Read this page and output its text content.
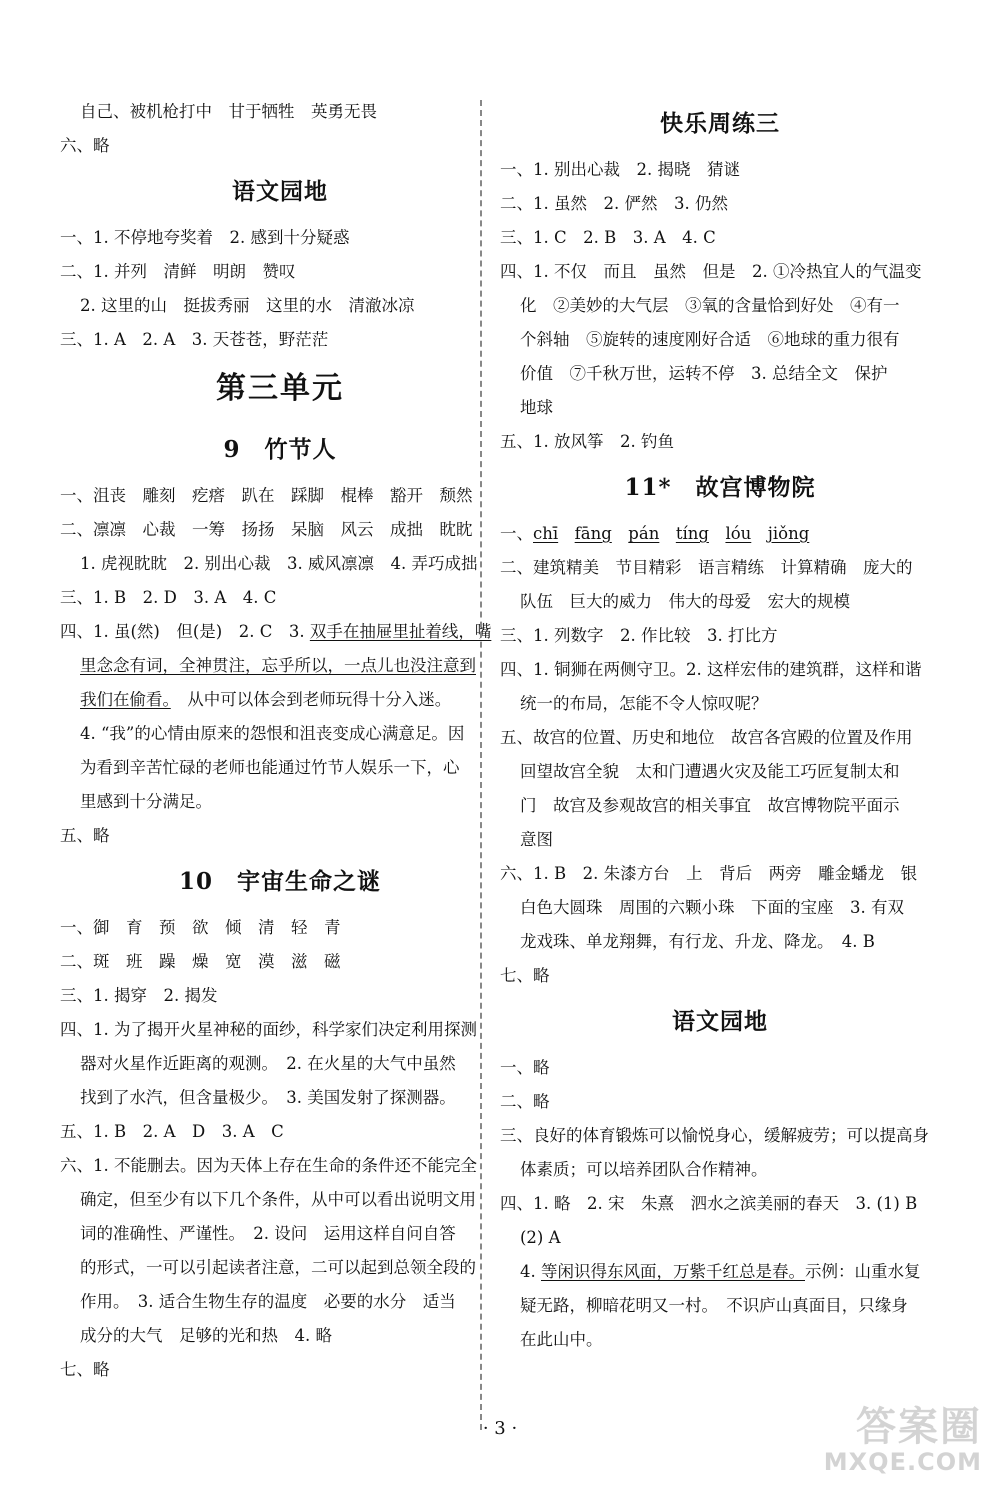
自己、被机枪打中　甘于牺牲　英勇无畏
六、略
语文园地
一、1. 不停地夸奖着　2. 感到十分疑惑
二、1. 并列　清鲜　明朗　赞叹
2. 这里的山　挺拔秀丽　这里的水　清澈冰凉
三、1. A　2. A　3. 天苍苍，野茫茫
第三单元
9　竹节人
一、沮丧　雕刻　疙瘩　趴在　踩脚　棍棒　豁开　颓然
二、凛凛　心裁　一筹　扬扬　呆脑　风云　成拙　眈眈
1. 虎视眈眈　2. 别出心裁　3. 威风凛凛　4. 弄巧成拙
三、1. B　2. D　3. A　4. C
四、1. 虽(然)　但(是)　2. C　3. 双手在抽屉里扯着线，嘴
里念念有词，全神贯注，忘乎所以，一点儿也没注意到
我们在偷看。　从中可以体会到老师玩得十分入迷。
4. “我”的心情由原来的怨恨和沮丧变成心满意足。因
为看到辛苦忙碌的老师也能通过竹节人娱乐一下，心
里感到十分满足。
五、略
10　宇宙生命之谜
一、御　育　预　欲　倾　清　轻　青
二、斑　班　躁　燥　宽　漠　滋　磁
三、1. 揭穿　2. 揭发
四、1. 为了揭开火星神秘的面纱，科学家们决定利用探测
器对火星作近距离的观测。　2. 在火星的大气中虽然
找到了水汽，但含量极少。　3. 美国发射了探测器。
五、1. B　2. A　D　3. A　C
六、1. 不能删去。因为天体上存在生命的条件还不能完全
确定，但至少有以下几个条件，从中可以看出说明文用
词的准确性、严谨性。　2. 设问　运用这样自问自答
的形式，一可以引起读者注意，二可以起到总领全段的
作用。　3. 适合生物生存的温度　必要的水分　适当
成分的大气　足够的光和热　4. 略
七、略
快乐周练三
一、1. 别出心裁　2. 揭晓　猜谜
二、1. 虽然　2. 俨然　3. 仍然
三、1. C　2. B　3. A　4. C
四、1. 不仅　而且　虽然　但是　2. ①冷热宜人的气温变
化　②美妙的大气层　③氧的含量恰到好处　④有一
个斜轴　⑤旋转的速度刚好合适　⑥地球的重力很有
价值　⑦千秋万世，运转不停　3. 总结全文　保护
地球
五、1. 放风筝　2. 钓鱼
11*　故宫博物院
一、chī　 fāng　 pán　 tíng　 lóu　 jiǒng
二、建筑精美　节目精彩　语言精练　计算精确　庞大的
队伍　巨大的威力　伟大的母爱　宏大的规模
三、1. 列数字　2. 作比较　3. 打比方
四、1. 铜狮在两侧守卫。2. 这样宏伟的建筑群，这样和谐
统一的布局，怎能不令人惊叹呢？
五、故宫的位置、历史和地位　故宫各宫殿的位置及作用
回望故宫全貌　太和门遭遇火灾及能工巧匠复制太和
门　故宫及参观故宫的相关事宜　故宫博物院平面示
意图
六、1. B　2. 朱漆方台　上　背后　两旁　雕金蟠龙　银
白色大圆珠　周围的六颗小珠　下面的宝座　3. 有双
龙戏珠、单龙翔舞，有行龙、升龙、降龙。　4. B
七、略
语文园地
一、略
二、略
三、良好的体育锻炼可以愉悦身心，缓解疲劳；可以提高身
体素质；可以培养团队合作精神。
四、1. 略　2. 宋　朱熹　泗水之滨美丽的春天　3. (1) B
(2) A
4. 等闲识得东风面，万紫千红总是春。示例：山重水复
疑无路，柳暗花明又一村。　不识庐山真面目，只缘身
在此山中。
· 3 ·	答案圈
MXQE.COM
